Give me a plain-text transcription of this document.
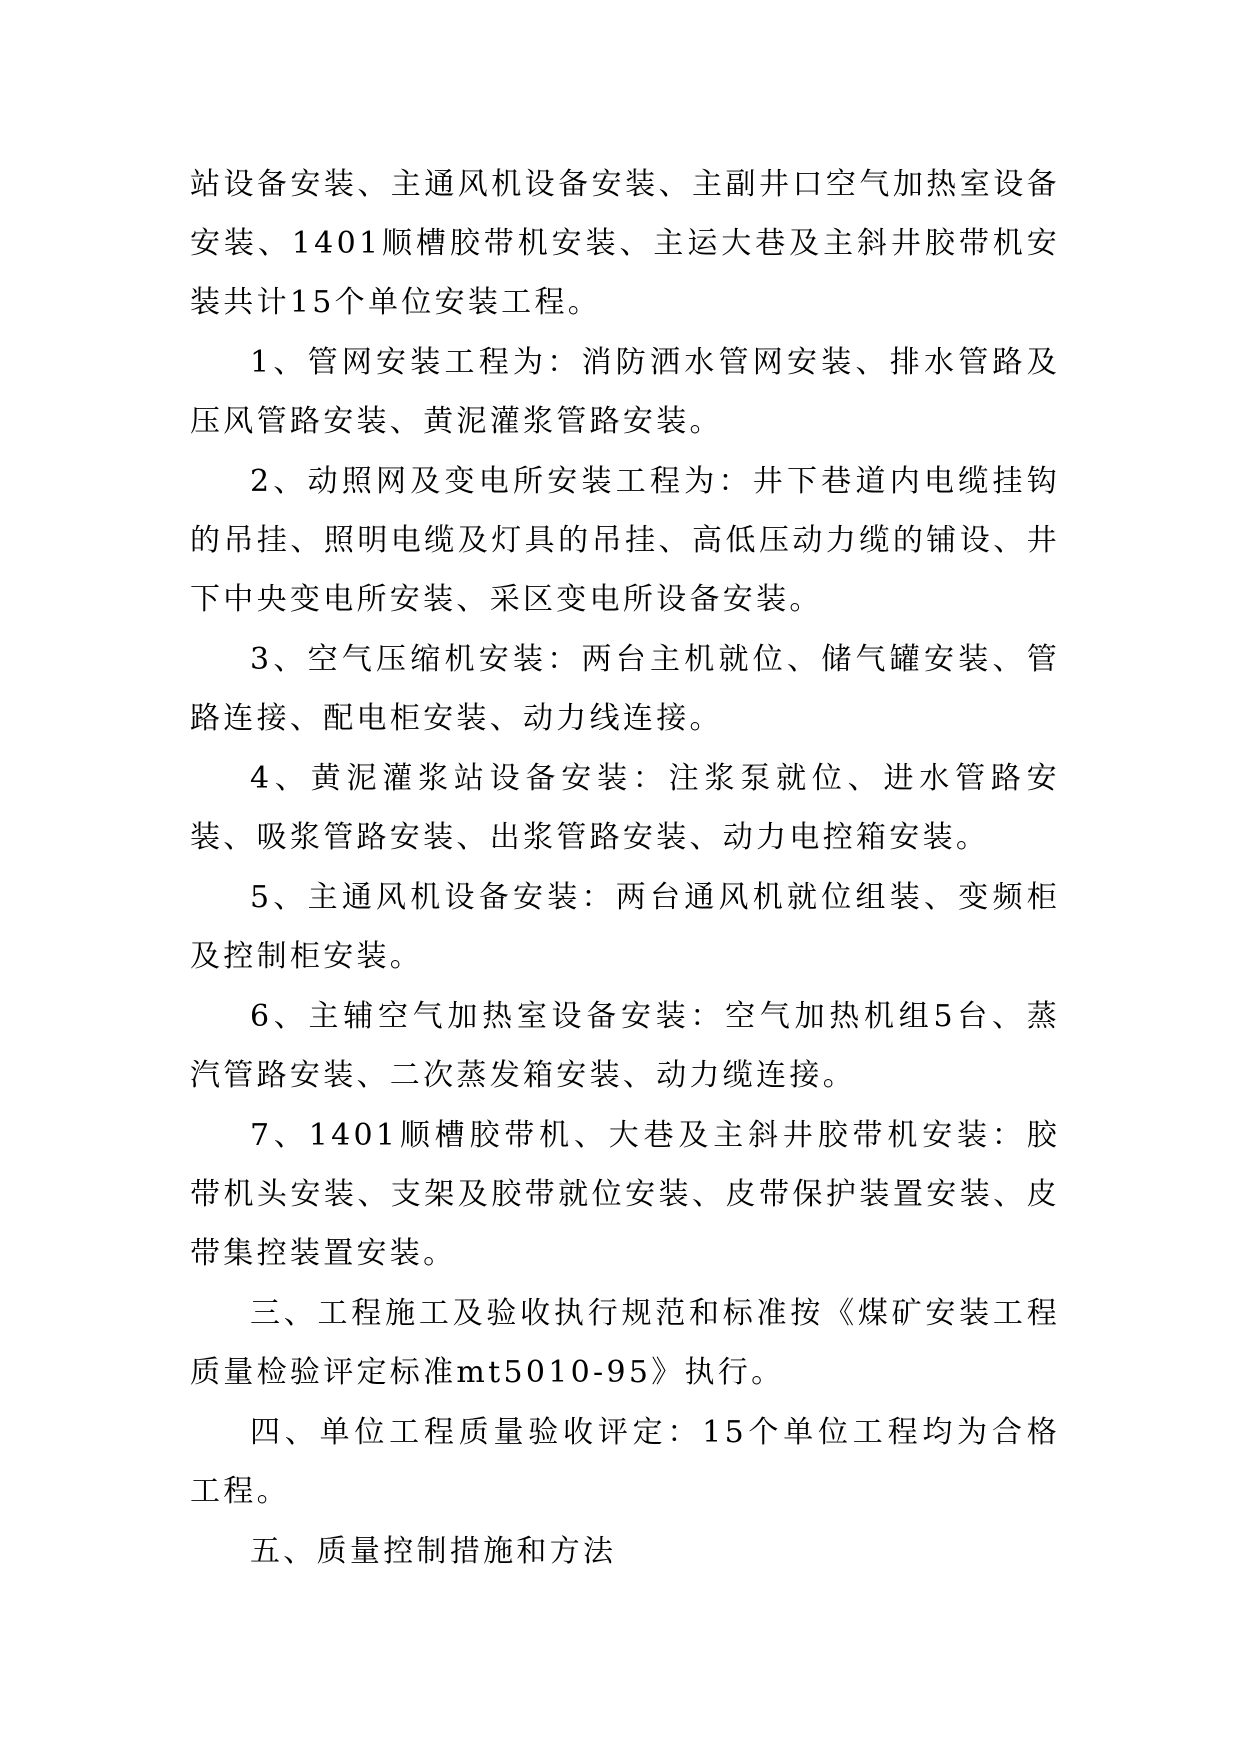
站设备安装、主通风机设备安装、主副井口空气加热室设备安装、1401顺槽胶带机安装、主运大巷及主斜井胶带机安装共计15个单位安装工程。

1、管网安装工程为：消防洒水管网安装、排水管路及压风管路安装、黄泥灌浆管路安装。

2、动照网及变电所安装工程为：井下巷道内电缆挂钩的吊挂、照明电缆及灯具的吊挂、高低压动力缆的铺设、井下中央变电所安装、采区变电所设备安装。

3、空气压缩机安装：两台主机就位、储气罐安装、管路连接、配电柜安装、动力线连接。

4、黄泥灌浆站设备安装：注浆泵就位、进水管路安装、吸浆管路安装、出浆管路安装、动力电控箱安装。

5、主通风机设备安装：两台通风机就位组装、变频柜及控制柜安装。

6、主辅空气加热室设备安装：空气加热机组5台、蒸汽管路安装、二次蒸发箱安装、动力缆连接。

7、1401顺槽胶带机、大巷及主斜井胶带机安装：胶带机头安装、支架及胶带就位安装、皮带保护装置安装、皮带集控装置安装。

三、工程施工及验收执行规范和标准按《煤矿安装工程质量检验评定标准mt5010-95》执行。

四、单位工程质量验收评定：15个单位工程均为合格工程。

五、质量控制措施和方法
